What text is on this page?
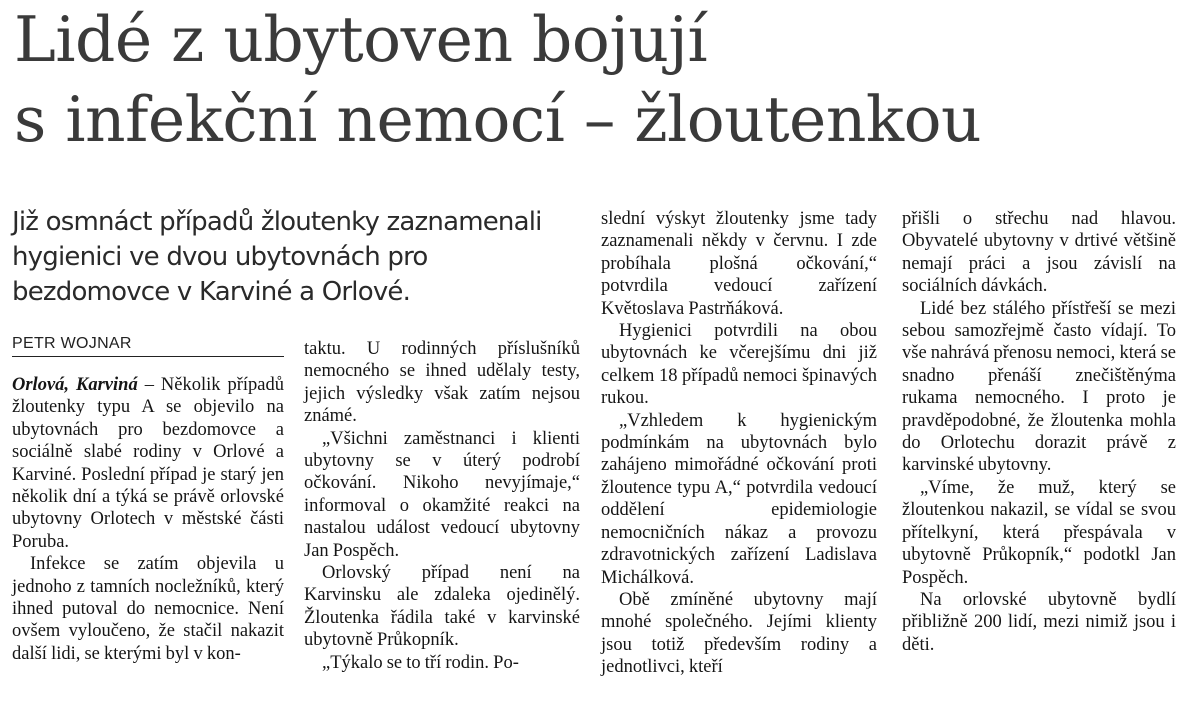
Lidé z ubytoven bojují
s infekční nemocí – žloutenkou

Již osmnáct případů žloutenky zaznamenali
hygienici ve dvou ubytovnách pro
bezdomovce v Karviné a Orlové.

PETR WOJNAR

Orlová, Karviná – Několik případů žloutenky typu A se objevilo na ubytovnách pro bezdomovce a sociálně slabé rodiny v Orlové a Karviné. Poslední případ je starý jen několik dní a týká se právě orlovské ubytovny Orlotech v městské části Poruba.

Infekce se zatím objevila u jednoho z tamních nocležníků, který ihned putoval do nemocnice. Není ovšem vyloučeno, že stačil nakazit další lidi, se kterými byl v kon-

taktu. U rodinných příslušníků nemocného se ihned udělaly testy, jejich výsledky však zatím nejsou známé.

„Všichni zaměstnanci i klienti ubytovny se v úterý podrobí očkování. Nikoho nevyjímaje,“ informoval o okamžité reakci na nastalou událost vedoucí ubytovny Jan Pospěch.

Orlovský případ není na Karvinsku ale zdaleka ojedinělý. Žloutenka řádila také v karvinské ubytovně Průkopník.

„Týkalo se to tří rodin. Po-

slední výskyt žloutenky jsme tady zaznamenali někdy v červnu. I zde probíhala plošná očkování,“ potvrdila vedoucí zařízení Květoslava Pastrňáková.

Hygienici potvrdili na obou ubytovnách ke včerejšímu dni již celkem 18 případů nemoci špinavých rukou.

„Vzhledem k hygienickým podmínkám na ubytovnách bylo zahájeno mimořádné očkování proti žloutence typu A,“ potvrdila vedoucí oddělení epidemiologie nemocničních nákaz a provozu zdravotnických zařízení Ladislava Michálková.

Obě zmíněné ubytovny mají mnohé společného. Jejími klienty jsou totiž především rodiny a jednotlivci, kteří

přišli o střechu nad hlavou. Obyvatelé ubytovny v drtivé většině nemají práci a jsou závislí na sociálních dávkách.

Lidé bez stálého přístřeší se mezi sebou samozřejmě často vídají. To vše nahrává přenosu nemoci, která se snadno přenáší znečištěnýma rukama nemocného. I proto je pravděpodobné, že žloutenka mohla do Orlotechu dorazit právě z karvinské ubytovny.

„Víme, že muž, který se žloutenkou nakazil, se vídal se svou přítelkyní, která přespávala v ubytovně Průkopník,“ podotkl Jan Pospěch.

Na orlovské ubytovně bydlí přibližně 200 lidí, mezi nimiž jsou i děti.
